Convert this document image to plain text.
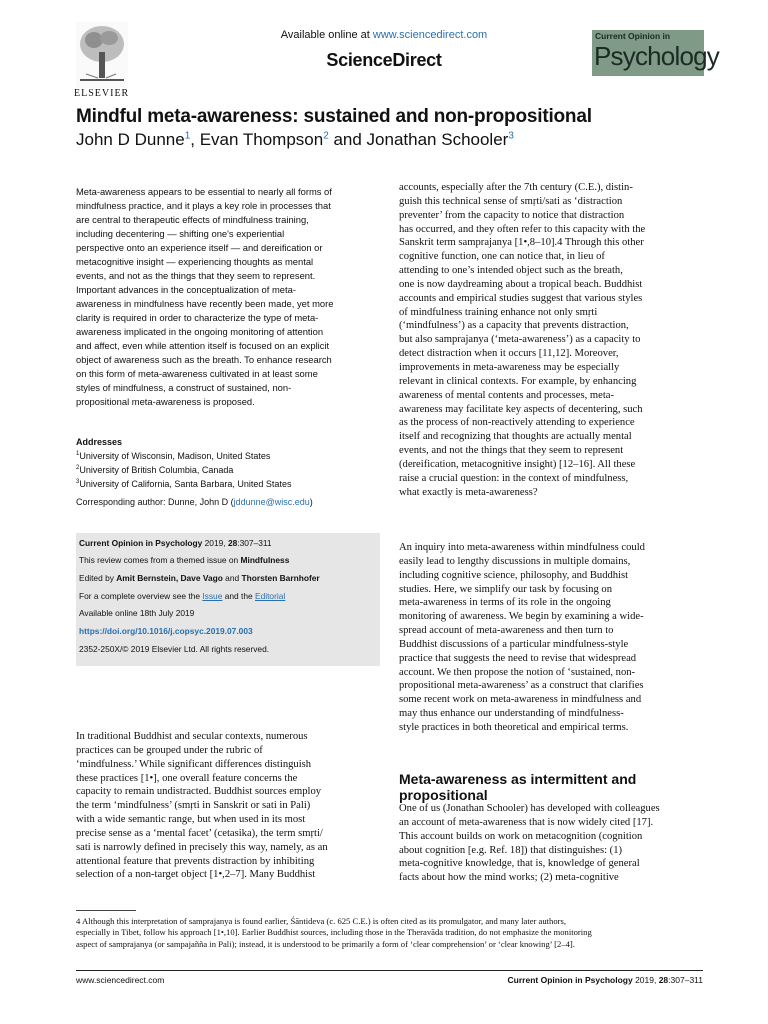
ELSEVIER
Available online at www.sciencedirect.com
ScienceDirect
Current Opinion in
Psychology
Mindful meta-awareness: sustained and non-propositional
John D Dunne$^1$, Evan Thompson$^2$ and Jonathan Schooler$^3$
Meta-awareness appears to be essential to nearly all forms of
mindfulness practice, and it plays a key role in processes that
are central to therapeutic effects of mindfulness training,
including decentering — shifting one's experiential
perspective onto an experience itself — and dereification or
metacognitive insight — experiencing thoughts as mental
events, and not as the things that they seem to represent.
Important advances in the conceptualization of meta-
awareness in mindfulness have recently been made, yet more
clarity is required in order to characterize the type of meta-
awareness implicated in the ongoing monitoring of attention
and affect, even while attention itself is focused on an explicit
object of awareness such as the breath. To enhance research
on this form of meta-awareness cultivated in at least some
styles of mindfulness, a construct of sustained, non-
propositional meta-awareness is proposed.
Addresses
$^1$University of Wisconsin, Madison, United States
$^2$University of British Columbia, Canada
$^3$University of California, Santa Barbara, United States
Corresponding author: Dunne, John D (jddunne@wisc.edu)
Current Opinion in Psychology 2019, 28:307–311
This review comes from a themed issue on Mindfulness
Edited by Amit Bernstein, Dave Vago and Thorsten Barnhofer
For a complete overview see the Issue and the Editorial
Available online 18th July 2019
https://doi.org/10.1016/j.copsyc.2019.07.003
2352-250X/© 2019 Elsevier Ltd. All rights reserved.
In traditional Buddhist and secular contexts, numerous
practices can be grouped under the rubric of
‘mindfulness.’ While significant differences distinguish
these practices [1•], one overall feature concerns the
capacity to remain undistracted. Buddhist sources employ
the term ‘mindfulness’ (smṛti in Sanskrit or sati in Pali)
with a wide semantic range, but when used in its most
precise sense as a ‘mental facet’ (cetasika), the term smṛti/
sati is narrowly defined in precisely this way, namely, as an
attentional feature that prevents distraction by inhibiting
selection of a non-target object [1•,2–7]. Many Buddhist
accounts, especially after the 7th century (C.E.), distin-
guish this technical sense of smṛti/sati as ‘distraction
preventer’ from the capacity to notice that distraction
has occurred, and they often refer to this capacity with the
Sanskrit term samprajanya [1•,8–10].4 Through this other
cognitive function, one can notice that, in lieu of
attending to one’s intended object such as the breath,
one is now daydreaming about a tropical beach. Buddhist
accounts and empirical studies suggest that various styles
of mindfulness training enhance not only smṛti
(‘mindfulness’) as a capacity that prevents distraction,
but also samprajanya (‘meta-awareness’) as a capacity to
detect distraction when it occurs [11,12]. Moreover,
improvements in meta-awareness may be especially
relevant in clinical contexts. For example, by enhancing
awareness of mental contents and processes, meta-
awareness may facilitate key aspects of decentering, such
as the process of non-reactively attending to experience
itself and recognizing that thoughts are actually mental
events, and not the things that they seem to represent
(dereification, metacognitive insight) [12–16]. All these
raise a crucial question: in the context of mindfulness,
what exactly is meta-awareness?
An inquiry into meta-awareness within mindfulness could
easily lead to lengthy discussions in multiple domains,
including cognitive science, philosophy, and Buddhist
studies. Here, we simplify our task by focusing on
meta-awareness in terms of its role in the ongoing
monitoring of awareness. We begin by examining a wide-
spread account of meta-awareness and then turn to
Buddhist discussions of a particular mindfulness-style
practice that suggests the need to revise that widespread
account. We then propose the notion of ‘sustained, non-
propositional meta-awareness’ as a construct that clarifies
some recent work on meta-awareness in mindfulness and
may thus enhance our understanding of mindfulness-
style practices in both theoretical and empirical terms.
Meta-awareness as intermittent and
propositional
One of us (Jonathan Schooler) has developed with colleagues
an account of meta-awareness that is now widely cited [17].
This account builds on work on metacognition (cognition
about cognition [e.g. Ref. 18]) that distinguishes: (1)
meta-cognitive knowledge, that is, knowledge of general
facts about how the mind works; (2) meta-cognitive
4 Although this interpretation of samprajanya is found earlier, Śāntideva (c. 625 C.E.) is often cited as its promulgator, and many later authors,
especially in Tibet, follow his approach [1•,10]. Earlier Buddhist sources, including those in the Theravāda tradition, do not emphasize the monitoring
aspect of samprajanya (or sampajañña in Pali); instead, it is understood to be primarily a form of ‘clear comprehension’ or ‘clear knowing’ [2–4].
www.sciencedirect.com	Current Opinion in Psychology 2019, 28:307–311
